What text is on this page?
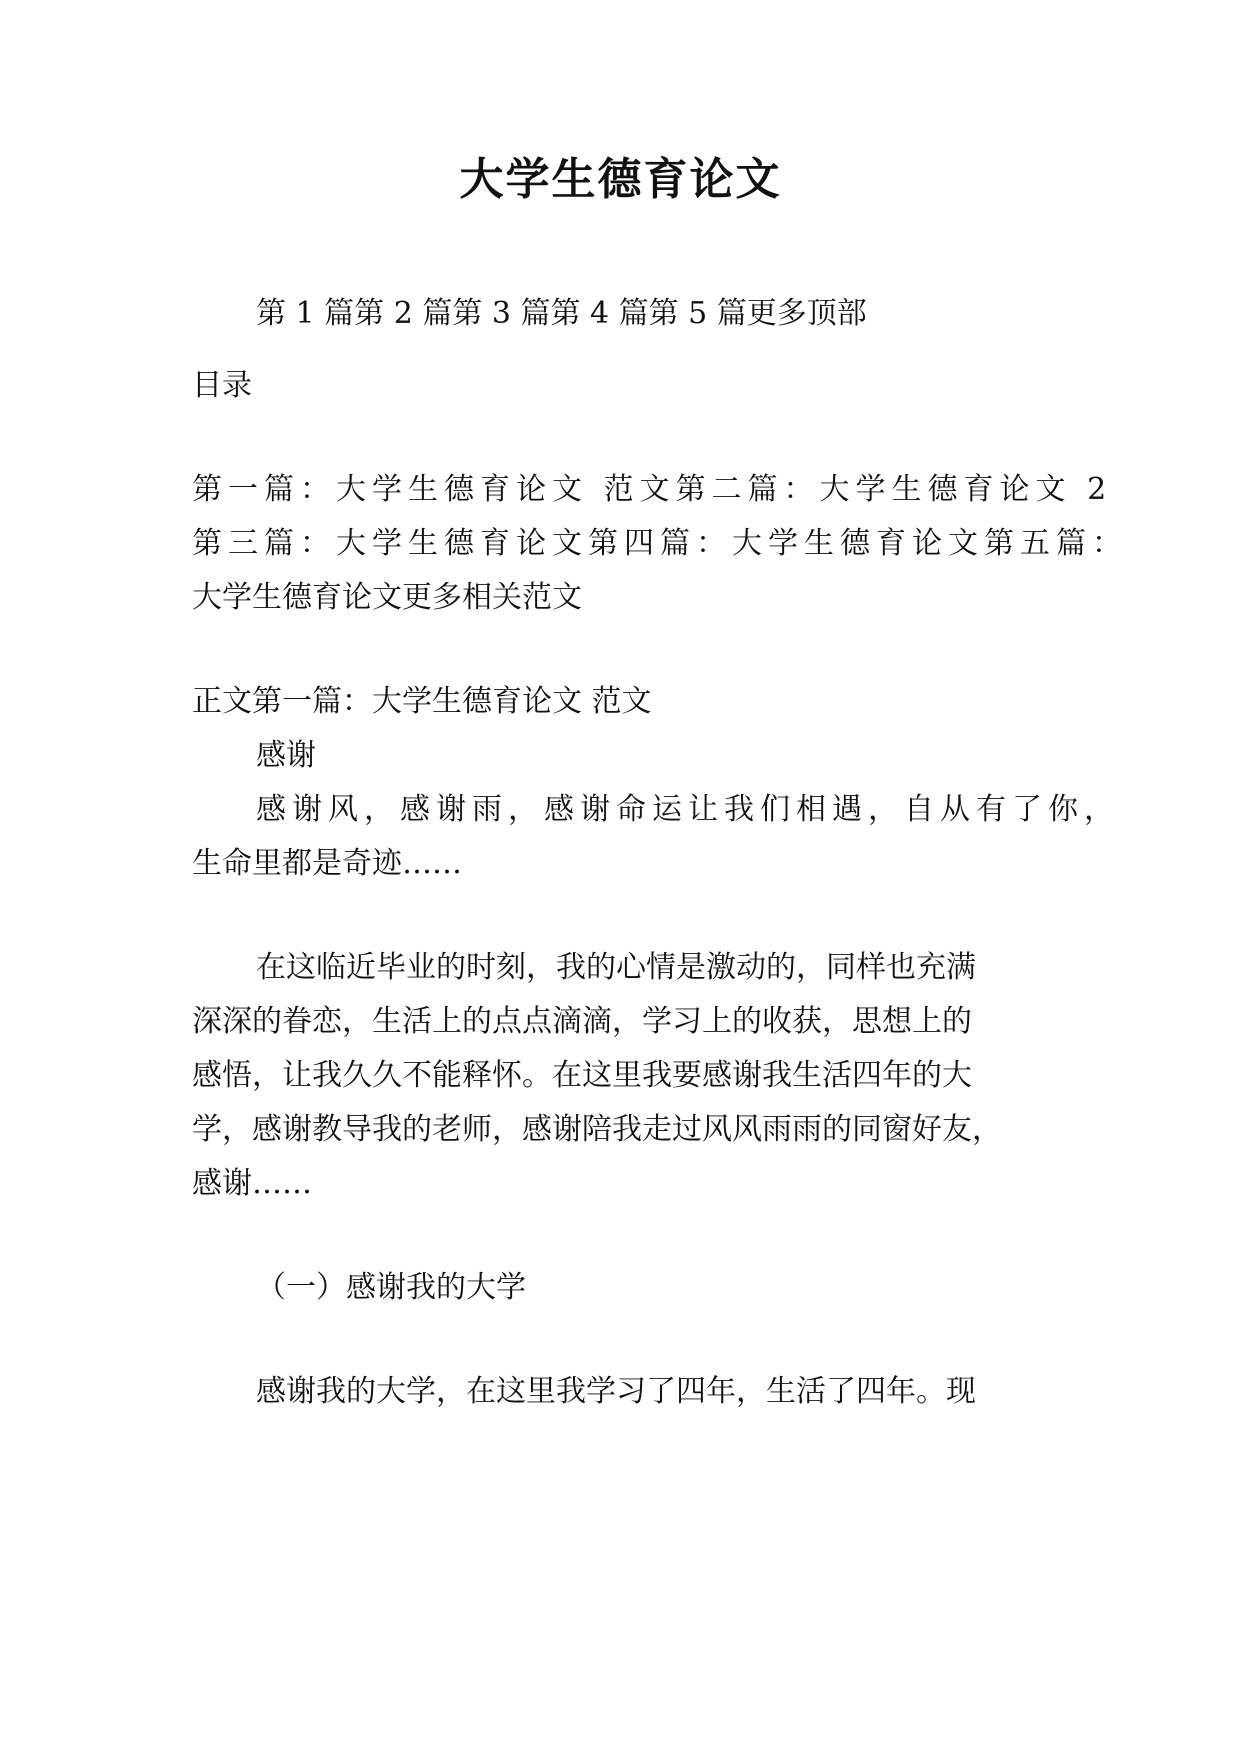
大学生德育论文
第 1 篇第 2 篇第 3 篇第 4 篇第 5 篇更多顶部
目录
第一篇：大学生德育论文 范文第二篇：大学生德育论文 2
第三篇：大学生德育论文第四篇：大学生德育论文第五篇：
大学生德育论文更多相关范文
正文第一篇：大学生德育论文 范文
感谢
感谢风，感谢雨，感谢命运让我们相遇，自从有了你，
生命里都是奇迹……
在这临近毕业的时刻，我的心情是激动的，同样也充满
深深的眷恋，生活上的点点滴滴，学习上的收获，思想上的
感悟，让我久久不能释怀。在这里我要感谢我生活四年的大
学，感谢教导我的老师，感谢陪我走过风风雨雨的同窗好友，
感谢……
（一）感谢我的大学
感谢我的大学，在这里我学习了四年，生活了四年。现
